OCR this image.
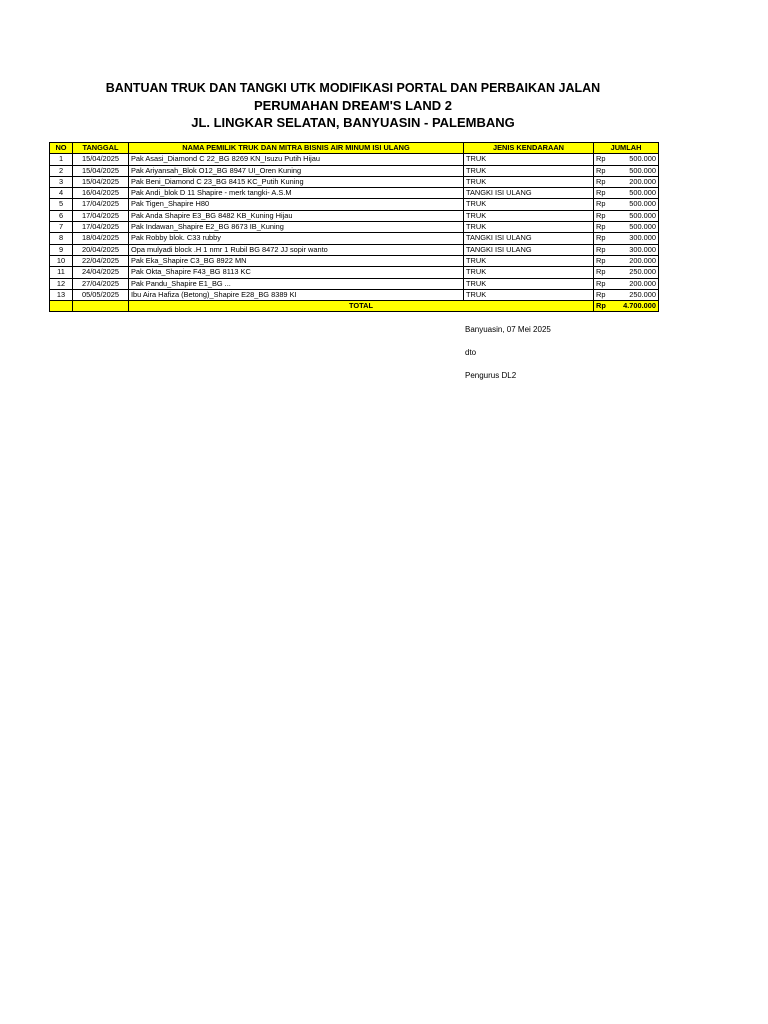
BANTUAN TRUK DAN TANGKI UTK MODIFIKASI PORTAL DAN PERBAIKAN JALAN
PERUMAHAN DREAM'S LAND 2
JL. LINGKAR SELATAN, BANYUASIN - PALEMBANG
NO	TANGGAL	NAMA PEMILIK TRUK DAN MITRA BISNIS AIR MINUM ISI ULANG	JENIS KENDARAAN	JUMLAH	
1	15/04/2025	Pak Asasi_Diamond C 22_BG 8269 KN_Isuzu Putih Hijau	TRUK	Rp	500.000
2	15/04/2025	Pak Ariyansah_Blok O12_BG 8947 UI_Oren Kuning	TRUK	Rp	500.000
3	15/04/2025	Pak Beni_Diamond C 23_BG 8415 KC_Putih Kuning	TRUK	Rp	200.000
4	16/04/2025	Pak Andi_blok D 11 Shapire - merk tangki- A.S.M	TANGKI ISI ULANG	Rp	500.000
5	17/04/2025	Pak Tigen_Shapire H80	TRUK	Rp	500.000
6	17/04/2025	Pak Anda Shapire E3_BG 8482 KB_Kuning Hijau	TRUK	Rp	500.000
7	17/04/2025	Pak Indawan_Shapire E2_BG 8673 IB_Kuning	TRUK	Rp	500.000
8	18/04/2025	Pak Robby blok. C33 rubby	TANGKI ISI ULANG	Rp	300.000
9	20/04/2025	Opa mulyadi block .H 1 nmr 1 Rubil BG 8472 JJ sopir wanto	TANGKI ISI ULANG	Rp	300.000
10	22/04/2025	Pak Eka_Shapire C3_BG 8922 MN	TRUK	Rp	200.000
11	24/04/2025	Pak Okta_Shapire F43_BG 8113 KC	TRUK	Rp	250.000
12	27/04/2025	Pak Pandu_Shapire E1_BG ...	TRUK	Rp	200.000
13	05/05/2025	Ibu Aira Hafiza (Betong)_Shapire E28_BG 8389 KI	TRUK	Rp	250.000
		TOTAL		Rp	4.700.000
Banyuasin, 07 Mei 2025
dto
Pengurus DL2
